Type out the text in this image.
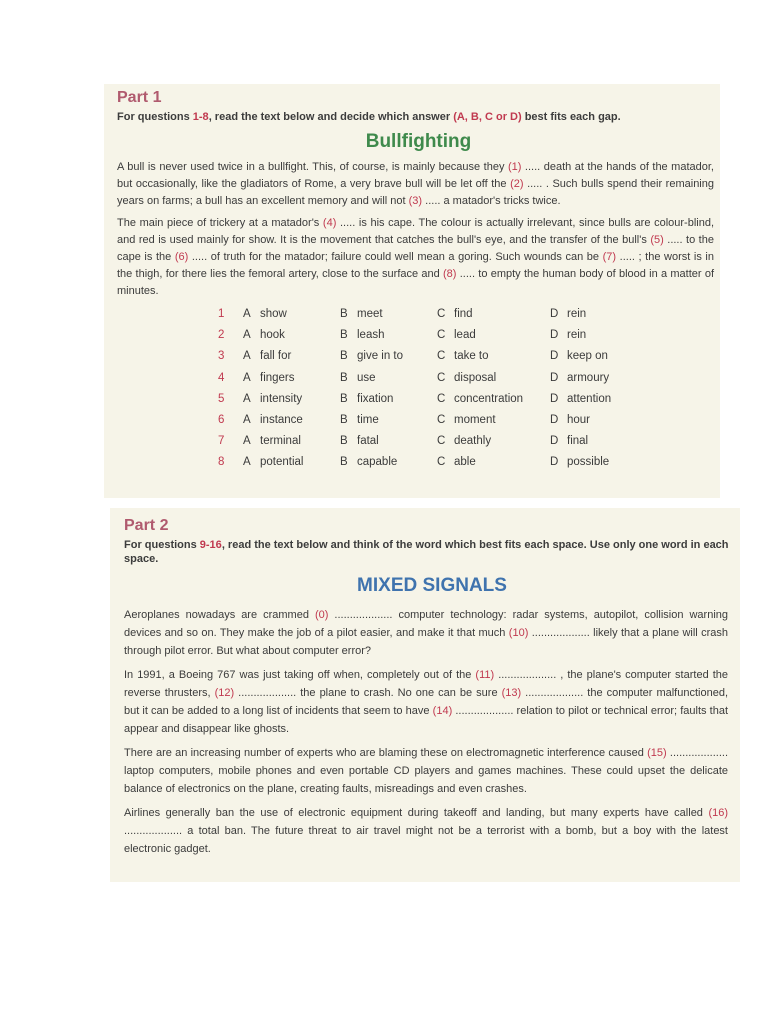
Part 1

For questions 1-8, read the text below and decide which answer (A, B, C or D) best fits each gap.

Bullfighting

A bull is never used twice in a bullfight. This, of course, is mainly because they (1) ..... death at the hands of the matador, but occasionally, like the gladiators of Rome, a very brave bull will be let off the (2) ..... . Such bulls spend their remaining years on farms; a bull has an excellent memory and will not (3) ..... a matador's tricks twice.

The main piece of trickery at a matador's (4) ..... is his cape. The colour is actually irrelevant, since bulls are colour-blind, and red is used mainly for show. It is the movement that catches the bull's eye, and the transfer of the bull's (5) ..... to the cape is the (6) ..... of truth for the matador; failure could well mean a goring. Such wounds can be (7) ..... ; the worst is in the thigh, for there lies the femoral artery, close to the surface and (8) ..... to empty the human body of blood in a matter of minutes.

1 A show	B meet	C find	D rein
2 A hook	B leash	C lead	D rein
3 A fall for	B give in to	C take to	D keep on
4 A fingers	B use	C disposal	D armoury
5 A intensity	B fixation	C concentration D attention
6 A instance	B time	C moment	D hour
7 A terminal	B fatal	C deathly	D final
8 A potential	B capable	C able	D possible
Part 2

For questions 9-16, read the text below and think of the word which best fits each space. Use only one word in each space.

MIXED SIGNALS

Aeroplanes nowadays are crammed (0) ................... computer technology: radar systems, autopilot, collision warning devices and so on. They make the job of a pilot easier, and make it that much (10) ................... likely that a plane will crash through pilot error. But what about computer error?

In 1991, a Boeing 767 was just taking off when, completely out of the (11) ................... , the plane's computer started the reverse thrusters, (12) ................... the plane to crash. No one can be sure (13) ................... the computer malfunctioned, but it can be added to a long list of incidents that seem to have (14) ................... relation to pilot or technical error; faults that appear and disappear like ghosts.

There are an increasing number of experts who are blaming these on electromagnetic interference caused (15) ................... laptop computers, mobile phones and even portable CD players and games machines. These could upset the delicate balance of electronics on the plane, creating faults, misreadings and even crashes.

Airlines generally ban the use of electronic equipment during takeoff and landing, but many experts have called (16) ................... a total ban. The future threat to air travel might not be a terrorist with a bomb, but a boy with the latest electronic gadget.
